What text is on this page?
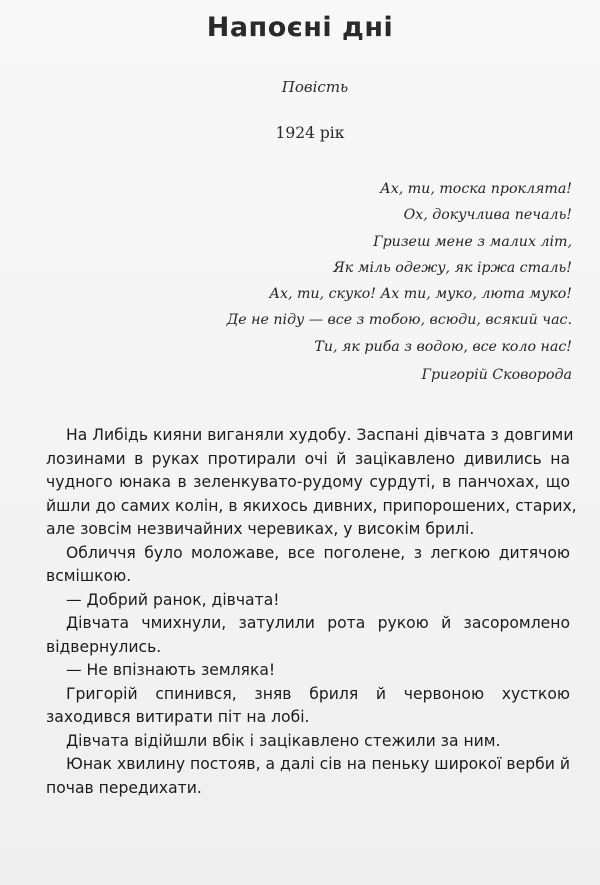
Напоєні дні
Повість
1924 рік
Ах, ти, тоска проклята!
Ох, докучлива печаль!
Гризеш мене з малих літ,
Як міль одежу, як іржа сталь!
Ах, ти, скуко! Ах ти, муко, люта муко!
Де не піду — все з тобою, всюди, всякий час.
Ти, як риба з водою, все коло нас!
Григорій Сковорода

На Либідь кияни виганяли худобу. Заспані дівчата з довгими
лозинами в руках протирали очі й зацікавлено дивились на
чудного юнака в зеленкувато-рудому сурдуті, в панчохах, що
йшли до самих колін, в якихось дивних, припорошених, старих,
але зовсім незвичайних черевиках, у високім брилі.

Обличчя було моложаве, все поголене, з легкою дитячою
всмішкою.

— Добрий ранок, дівчата!

Дівчата чмихнули, затулили рота рукою й засоромлено
відвернулись.

— Не впізнають земляка!

Григорій спинився, зняв бриля й червоною хусткою
заходився витирати піт на лобі.

Дівчата відійшли вбік і зацікавлено стежили за ним.

Юнак хвилину постояв, а далі сів на пеньку широкої верби й
почав передихати.
